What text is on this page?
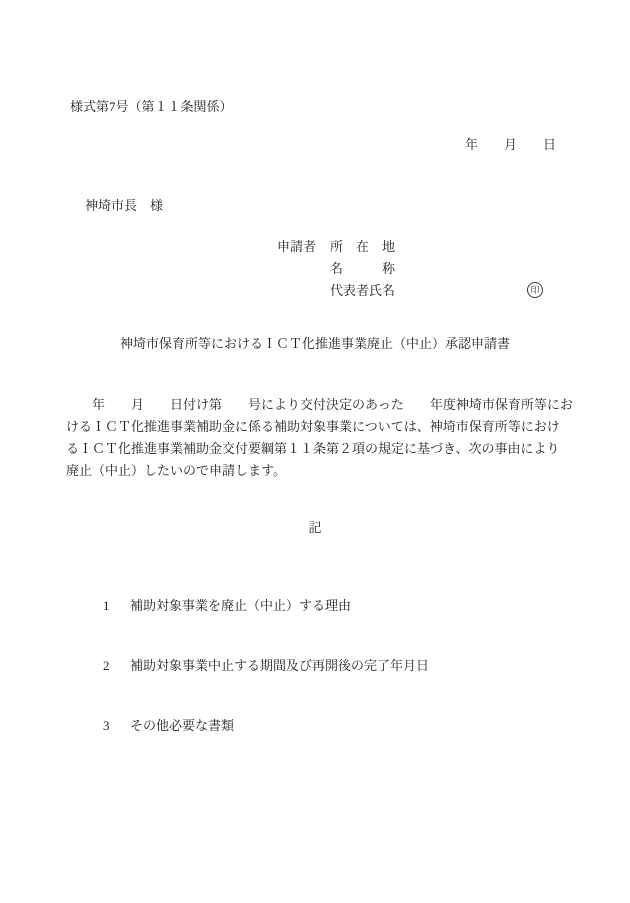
様式第7号（第１１条関係）
年　　月　　日
神埼市長　様
申請者 所　在　地
名　　　称
代表者氏名	印
神埼市保育所等におけるＩＣＴ化推進事業廃止（中止）承認申請書
　　年　　月　　日付け第　　号により交付決定のあった　　年度神埼市保育所等にお
けるＩＣＴ化推進事業補助金に係る補助対象事業については、神埼市保育所等におけ
るＩＣＴ化推進事業補助金交付要綱第１１条第２項の規定に基づき、次の事由により
廃止（中止）したいので申請します。
記
1 補助対象事業を廃止（中止）する理由
2 補助対象事業中止する期間及び再開後の完了年月日
3 その他必要な書類
